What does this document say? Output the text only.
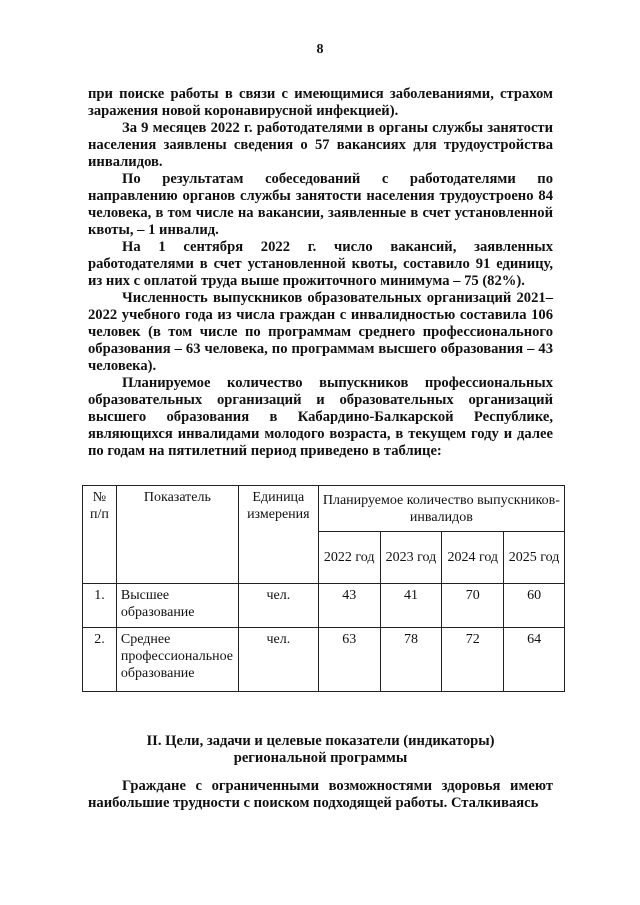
8

при поиске работы в связи с имеющимися заболеваниями, страхом заражения новой коронавирусной инфекцией).

За 9 месяцев 2022 г. работодателями в органы службы занятости населения заявлены сведения о 57 вакансиях для трудоустройства инвалидов.

По результатам собеседований с работодателями по направлению органов службы занятости населения трудоустроено 84 человека, в том числе на вакансии, заявленные в счет установленной квоты, – 1 инвалид.

На 1 сентября 2022 г. число вакансий, заявленных работодателями в счет установленной квоты, составило 91 единицу, из них с оплатой труда выше прожиточного минимума – 75 (82%).

Численность выпускников образовательных организаций 2021–2022 учебного года из числа граждан с инвалидностью составила 106 человек (в том числе по программам среднего профессионального образования – 63 человека, по программам высшего образования – 43 человека).

Планируемое количество выпускников профессиональных образовательных организаций и образовательных организаций высшего образования в Кабардино-Балкарской Республике, являющихся инвалидами молодого возраста, в текущем году и далее по годам на пятилетний период приведено в таблице:

№ п/п	Показатель	Единица измерения	Планируемое количество выпускников-инвалидов			
			2022 год	2023 год	2024 год	2025 год
1.	Высшее образование	чел.	43	41	70	60
2.	Среднее профессиональное образование	чел.	63	78	72	64
II. Цели, задачи и целевые показатели (индикаторы)
региональной программы

Граждане с ограниченными возможностями здоровья имеют наибольшие трудности с поиском подходящей работы. Сталкиваясь
